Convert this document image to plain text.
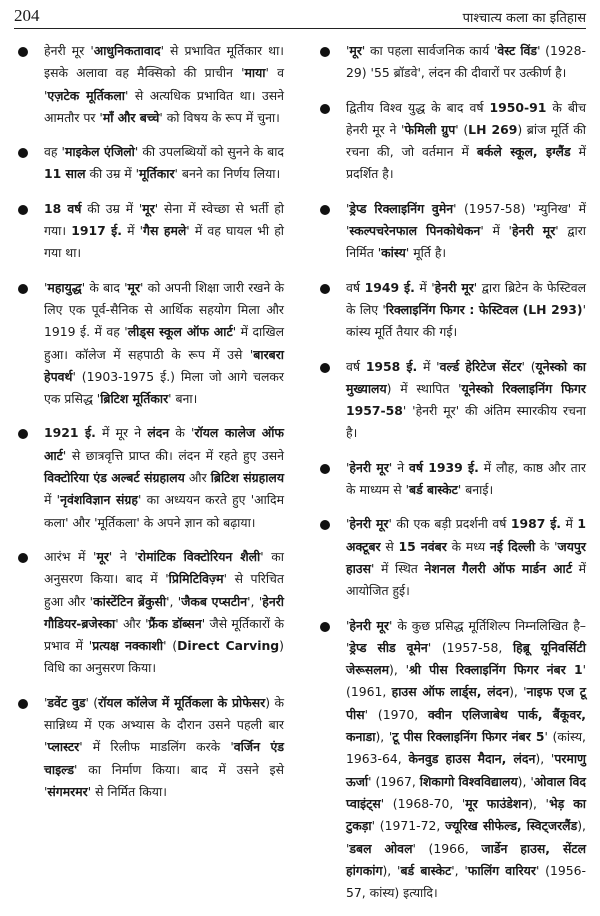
204	पाश्चात्य कला का इतिहास
हेनरी मूर 'आधुनिकतावाद' से प्रभावित मूर्तिकार था। इसके अलावा वह मैक्सिको की प्राचीन 'माया' व 'एज़टेक मूर्तिकला' से अत्यधिक प्रभावित था। उसने आमतौर पर 'माँ और बच्चे' को विषय के रूप में चुना।
वह 'माइकेल एंजिलो' की उपलब्धियों को सुनने के बाद 11 साल की उम्र में 'मूर्तिकार' बनने का निर्णय लिया।
18 वर्ष की उम्र में 'मूर' सेना में स्वेच्छा से भर्ती हो गया। 1917 ई. में 'गैस हमले' में वह घायल भी हो गया था।
'महायुद्ध' के बाद 'मूर' को अपनी शिक्षा जारी रखने के लिए एक पूर्व-सैनिक से आर्थिक सहयोग मिला और 1919 ई. में वह 'लीड्स स्कूल ऑफ आर्ट' में दाखिल हुआ। कॉलेज में सहपाठी के रूप में उसे 'बारबरा हेपवर्थ' (1903-1975 ई.) मिला जो आगे चलकर एक प्रसिद्ध 'ब्रिटिश मूर्तिकार' बना।
1921 ई. में मूर ने लंदन के 'रॉयल कालेज ऑफ आर्ट' से छात्रवृत्ति प्राप्त की। लंदन में रहते हुए उसने विक्टोरिया एंड अल्बर्ट संग्रहालय और ब्रिटिश संग्रहालय में 'नृवंशविज्ञान संग्रह' का अध्ययन करते हुए 'आदिम कला' और 'मूर्तिकला' के अपने ज्ञान को बढ़ाया।
आरंभ में 'मूर' ने 'रोमांटिक विक्टोरियन शैली' का अनुसरण किया। बाद में 'प्रिमिटिविज़्म' से परिचित हुआ और 'कांस्टेंटिन ब्रेंकुसी', 'जैकब एप्सटीन', 'हेनरी गौडियर-ब्रजेस्का' और 'फ्रैंक डॉब्सन' जैसे मूर्तिकारों के प्रभाव में 'प्रत्यक्ष नक्काशी' (Direct Carving) विधि का अनुसरण किया।
'डवेंट वुड' (रॉयल कॉलेज में मूर्तिकला के प्रोफेसर) के सान्निध्य में एक अभ्यास के दौरान उसने पहली बार 'प्लास्टर' में रिलीफ माडलिंग करके 'वर्जिन एंड चाइल्ड' का निर्माण किया। बाद में उसने इसे 'संगमरमर' से निर्मित किया।
'मूर' का पहला सार्वजनिक कार्य 'वेस्ट विंड' (1928-29) '55 ब्रॉडवे', लंदन की दीवारों पर उत्कीर्ण है।
द्वितीय विश्व युद्ध के बाद वर्ष 1950-91 के बीच हेनरी मूर ने 'फेमिली ग्रुप' (LH 269) ब्रांज मूर्ति की रचना की, जो वर्तमान में बर्कले स्कूल, इग्लैंड में प्रदर्शित है।
'ड्रेप्ड रिक्लाइनिंग वुमेन' (1957-58) 'म्युनिख' में 'स्कल्पचरेनफाल पिनकोथेकन' में 'हेनरी मूर' द्वारा निर्मित 'कांस्य' मूर्ति है।
वर्ष 1949 ई. में 'हेनरी मूर' द्वारा ब्रिटेन के फेस्टिवल के लिए 'रिक्लाइनिंग फिगर : फेस्टिवल (LH 293)' कांस्य मूर्ति तैयार की गई।
वर्ष 1958 ई. में 'वर्ल्ड हेरिटेज सेंटर' (यूनेस्को का मुख्यालय) में स्थापित 'यूनेस्को रिक्लाइनिंग फिगर 1957-58' 'हेनरी मूर' की अंतिम स्मारकीय रचना है।
'हेनरी मूर' ने वर्ष 1939 ई. में लौह, काष्ठ और तार के माध्यम से 'बर्ड बास्केट' बनाई।
'हेनरी मूर' की एक बड़ी प्रदर्शनी वर्ष 1987 ई. में 1 अक्टूबर से 15 नवंबर के मध्य नई दिल्ली के 'जयपुर हाउस' में स्थित नेशनल गैलरी ऑफ मार्डन आर्ट में आयोजित हुई।
'हेनरी मूर' के कुछ प्रसिद्ध मूर्तिशिल्प निम्नलिखित है– 'ड्रेप्ड सीड वूमेन' (1957-58, हिब्रू यूनिवर्सिटी जेरूसलम), 'श्री पीस रिक्लाइनिंग फिगर नंबर 1' (1961, हाउस ऑफ लार्ड्स, लंदन), 'नाइफ एज टू पीस' (1970, क्वीन एलिजाबेथ पार्क, बैंकूवर, कनाडा), 'टू पीस रिक्लाइनिंग फिगर नंबर 5' (कांस्य, 1963-64, केनवुड हाउस मैदान, लंदन), 'परमाणु ऊर्जा' (1967, शिकागो विश्वविद्यालय), 'ओवाल विद प्वाइंट्स' (1968-70, 'मूर फाउंडेशन), 'भेड़ का टुकड़ा' (1971-72, ज्यूरिख सीफेल्ड, स्विट्जरलैंड), 'डबल ओवल' (1966, जार्डेन हाउस, सेंटल हांगकांग), 'बर्ड बास्केट', 'फालिंग वारियर' (1956-57, कांस्य) इत्यादि।
